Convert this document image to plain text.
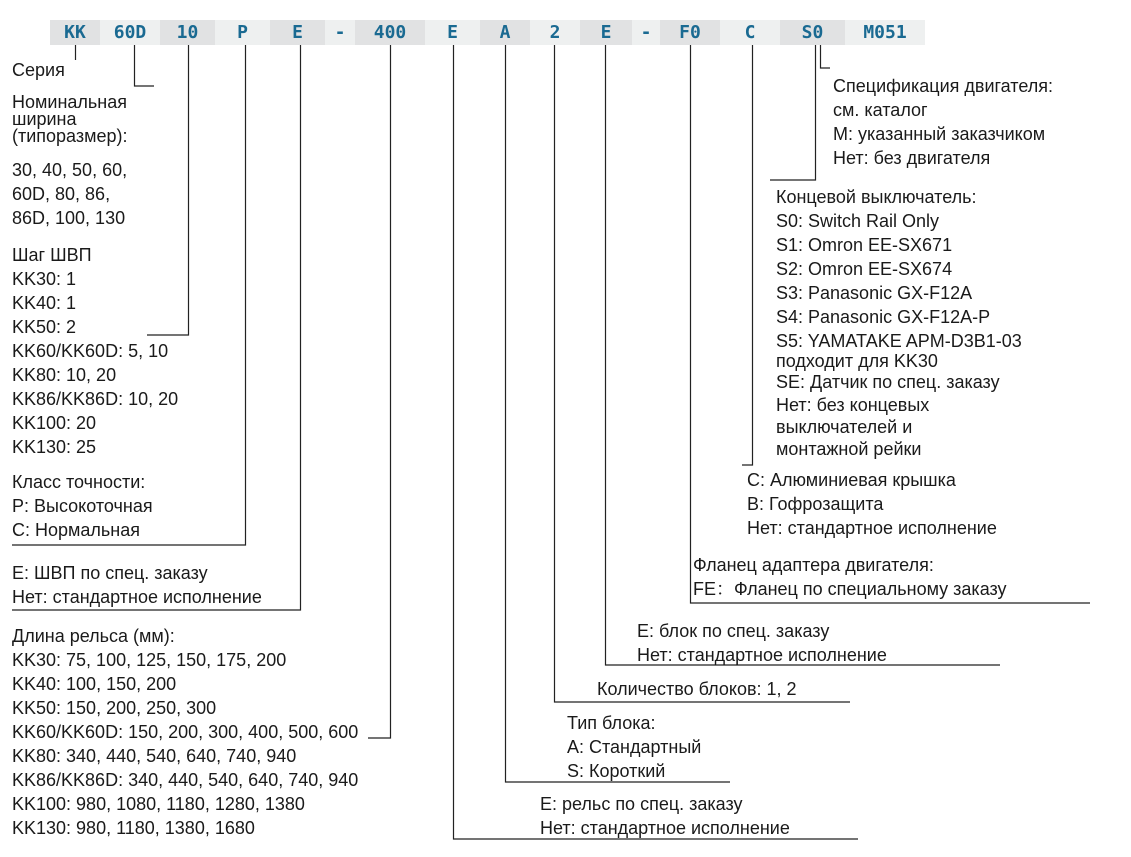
KK	60D	10	P	E	-	400	E	A	2	E	-	F0	C	S0	M051
Серия
Номинальная
ширина
(типоразмер):
30, 40, 50, 60,
60D, 80, 86,
86D, 100, 130
Шаг ШВП
KK30: 1
KK40: 1
KK50: 2
KK60/KK60D: 5, 10
KK80: 10, 20
KK86/KK86D: 10, 20
KK100: 20
KK130: 25
Класс точности:
P: Высокоточная
C: Нормальная
E: ШВП по спец. заказу
Нет: стандартное исполнение
Длина рельса (мм):
KK30: 75, 100, 125, 150, 175, 200
KK40: 100, 150, 200
KK50: 150, 200, 250, 300
KK60/KK60D: 150, 200, 300, 400, 500, 600
KK80: 340, 440, 540, 640, 740, 940
KK86/KK86D: 340, 440, 540, 640, 740, 940
KK100: 980, 1080, 1180, 1280, 1380
KK130: 980, 1180, 1380, 1680
E: рельс по спец. заказу
Нет: стандартное исполнение
Тип блока:
A: Стандартный
S: Короткий
Количество блоков: 1, 2
E: блок по спец. заказу
Нет: стандартное исполнение
Фланец адаптера двигателя:
FE：Фланец по специальному заказу
C: Алюминиевая крышка
B: Гофрозащита
Нет: стандартное исполнение
Концевой выключатель:
S0: Switch Rail Only
S1: Omron EE-SX671
S2: Omron EE-SX674
S3: Panasonic GX-F12A
S4: Panasonic GX-F12A-P
S5: YAMATAKE APM-D3B1-03
подходит для KK30
SE: Датчик по спец. заказу
Нет: без концевых
выключателей и
монтажной рейки
Спецификация двигателя:
см. каталог
M: указанный заказчиком
Нет: без двигателя
